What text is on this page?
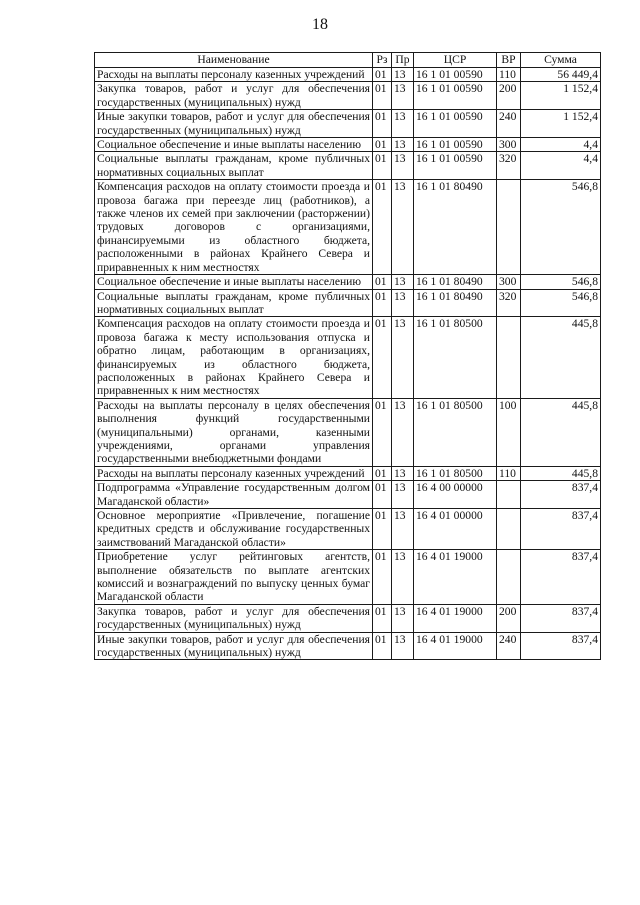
18
Наименование	Рз	Пр	ЦСР	ВР	Сумма
Расходы на выплаты персоналу казенных учреждений	01	13	16 1 01 00590	110	56 449,4
Закупка товаров, работ и услуг для обеспечения государственных (муниципальных) нужд	01	13	16 1 01 00590	200	1 152,4
Иные закупки товаров, работ и услуг для обеспечения государственных (муниципальных) нужд	01	13	16 1 01 00590	240	1 152,4
Социальное обеспечение и иные выплаты населению	01	13	16 1 01 00590	300	4,4
Социальные выплаты гражданам, кроме публичных нормативных социальных выплат	01	13	16 1 01 00590	320	4,4
Компенсация расходов на оплату стоимости проезда и провоза багажа при переезде лиц (работников), а также членов их семей при заключении (расторжении) трудовых договоров с организациями, финансируемыми из областного бюджета, расположенными в районах Крайнего Севера и приравненных к ним местностях	01	13	16 1 01 80490		546,8
Социальное обеспечение и иные выплаты населению	01	13	16 1 01 80490	300	546,8
Социальные выплаты гражданам, кроме публичных нормативных социальных выплат	01	13	16 1 01 80490	320	546,8
Компенсация расходов на оплату стоимости проезда и провоза багажа к месту использования отпуска и обратно лицам, работающим в организациях, финансируемых из областного бюджета, расположенных в районах Крайнего Севера и приравненных к ним местностях	01	13	16 1 01 80500		445,8
Расходы на выплаты персоналу в целях обеспечения выполнения функций государственными (муниципальными) органами, казенными учреждениями, органами управления государственными внебюджетными фондами	01	13	16 1 01 80500	100	445,8
Расходы на выплаты персоналу казенных учреждений	01	13	16 1 01 80500	110	445,8
Подпрограмма «Управление государственным долгом Магаданской области»	01	13	16 4 00 00000		837,4
Основное мероприятие «Привлечение, погашение кредитных средств и обслуживание государственных заимствований Магаданской области»	01	13	16 4 01 00000		837,4
Приобретение услуг рейтинговых агентств, выполнение обязательств по выплате агентских комиссий и вознаграждений по выпуску ценных бумаг Магаданской области	01	13	16 4 01 19000		837,4
Закупка товаров, работ и услуг для обеспечения государственных (муниципальных) нужд	01	13	16 4 01 19000	200	837,4
Иные закупки товаров, работ и услуг для обеспечения государственных (муниципальных) нужд	01	13	16 4 01 19000	240	837,4
